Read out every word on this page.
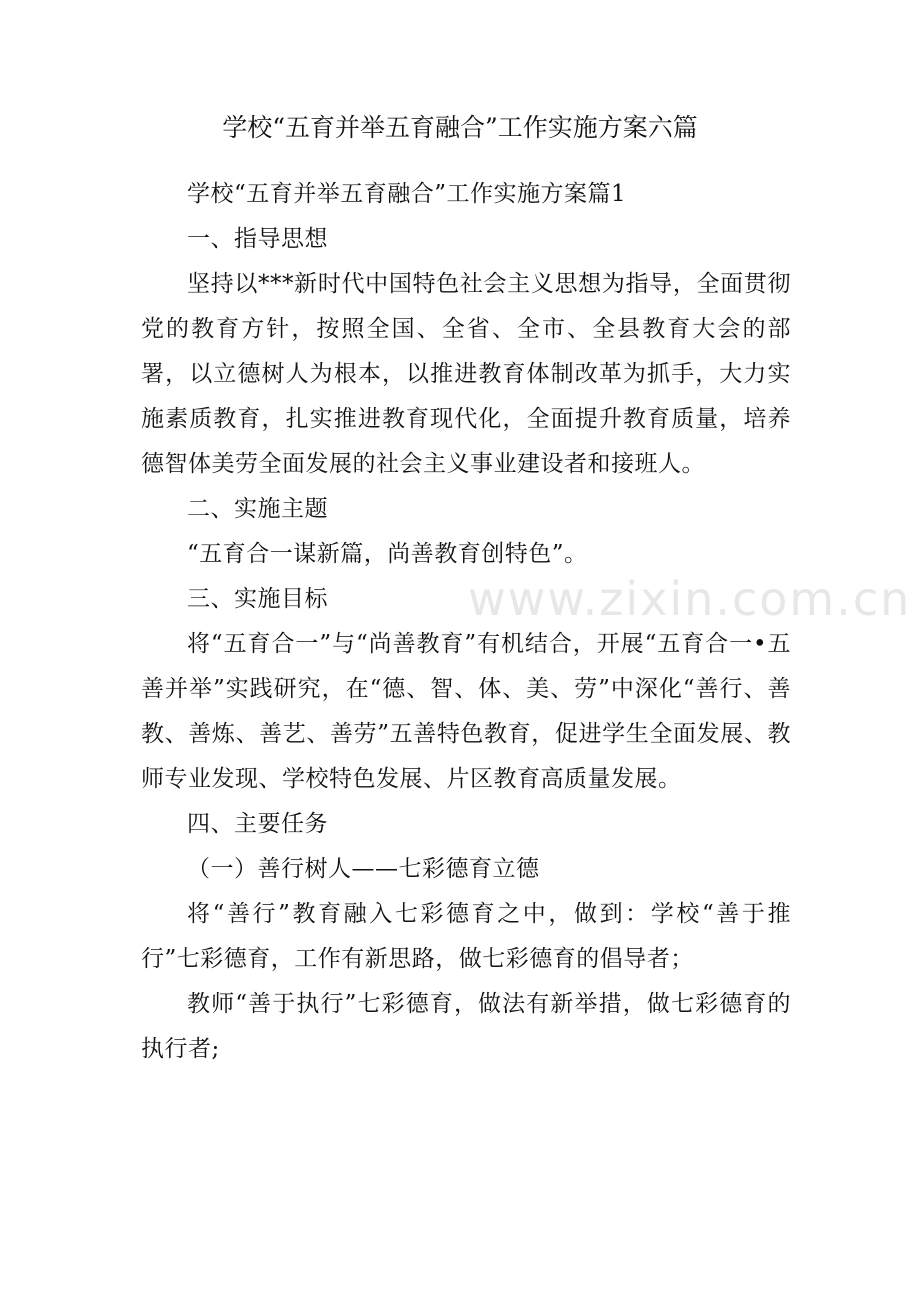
www.zixin.com.cn
学校“五育并举五育融合”工作实施方案六篇

学校“五育并举五育融合”工作实施方案篇1

一、指导思想

坚持以***新时代中国特色社会主义思想为指导，全面贯彻党的教育方针，按照全国、全省、全市、全县教育大会的部署，以立德树人为根本，以推进教育体制改革为抓手，大力实施素质教育，扎实推进教育现代化，全面提升教育质量，培养德智体美劳全面发展的社会主义事业建设者和接班人。

二、实施主题

“五育合一谋新篇，尚善教育创特色”。

三、实施目标

将“五育合一”与“尚善教育”有机结合，开展“五育合一•五善并举”实践研究，在“德、智、体、美、劳”中深化“善行、善教、善炼、善艺、善劳”五善特色教育，促进学生全面发展、教师专业发现、学校特色发展、片区教育高质量发展。

四、主要任务

（一）善行树人——七彩德育立德

将“善行”教育融入七彩德育之中，做到：学校“善于推行”七彩德育，工作有新思路，做七彩德育的倡导者；

教师“善于执行”七彩德育，做法有新举措，做七彩德育的执行者;
